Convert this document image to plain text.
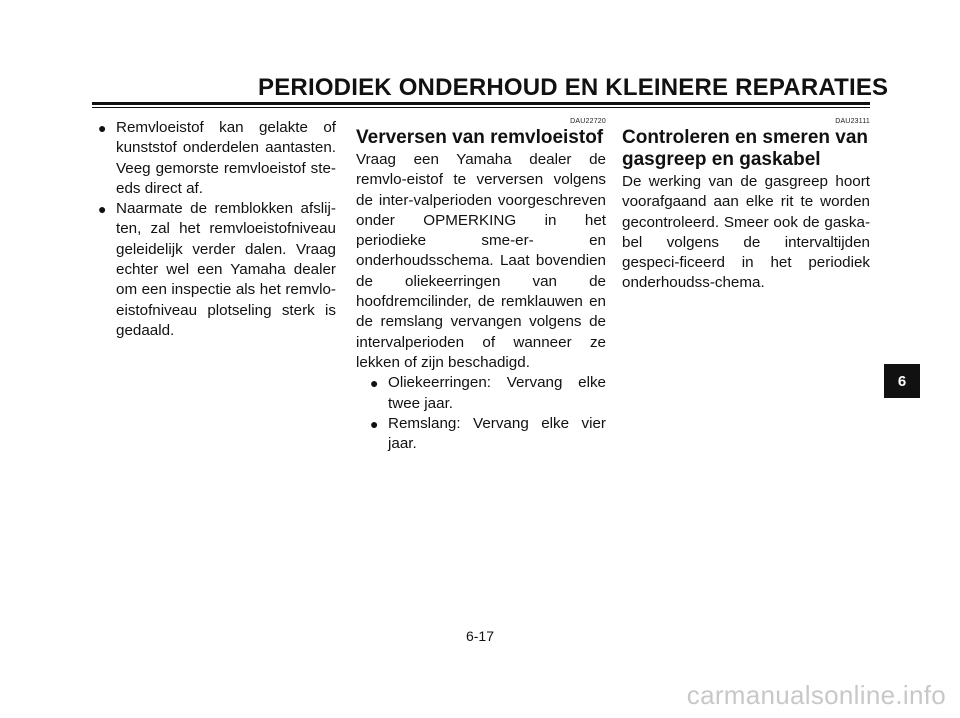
PERIODIEK ONDERHOUD EN KLEINERE REPARATIES
● Remvloeistof kan gelakte of kunststof onderdelen aantasten. Veeg gemorste remvloeistof ste-eds direct af.
● Naarmate de remblokken afslij-ten, zal het remvloeistofniveau geleidelijk verder dalen. Vraag echter wel een Yamaha dealer om een inspectie als het remvlo-eistofniveau plotseling sterk is gedaald.
DAU22720
Verversen van remvloeistof
Vraag een Yamaha dealer de remvlo-eistof te verversen volgens de inter-valperioden voorgeschreven onder OPMERKING in het periodieke sme-er- en onderhoudsschema. Laat bovendien de oliekeerringen van de hoofdremcilinder, de remklauwen en de remslang vervangen volgens de intervalperioden of wanneer ze lekken of zijn beschadigd.
● Oliekeerringen: Vervang elke twee jaar.
● Remslang: Vervang elke vier jaar.
DAU23111
Controleren en smeren van gasgreep en gaskabel
De werking van de gasgreep hoort voorafgaand aan elke rit te worden gecontroleerd. Smeer ook de gaska-bel volgens de intervaltijden gespeci-ficeerd in het periodiek onderhoudss-chema.
6
6-17
carmanualsonline.info
